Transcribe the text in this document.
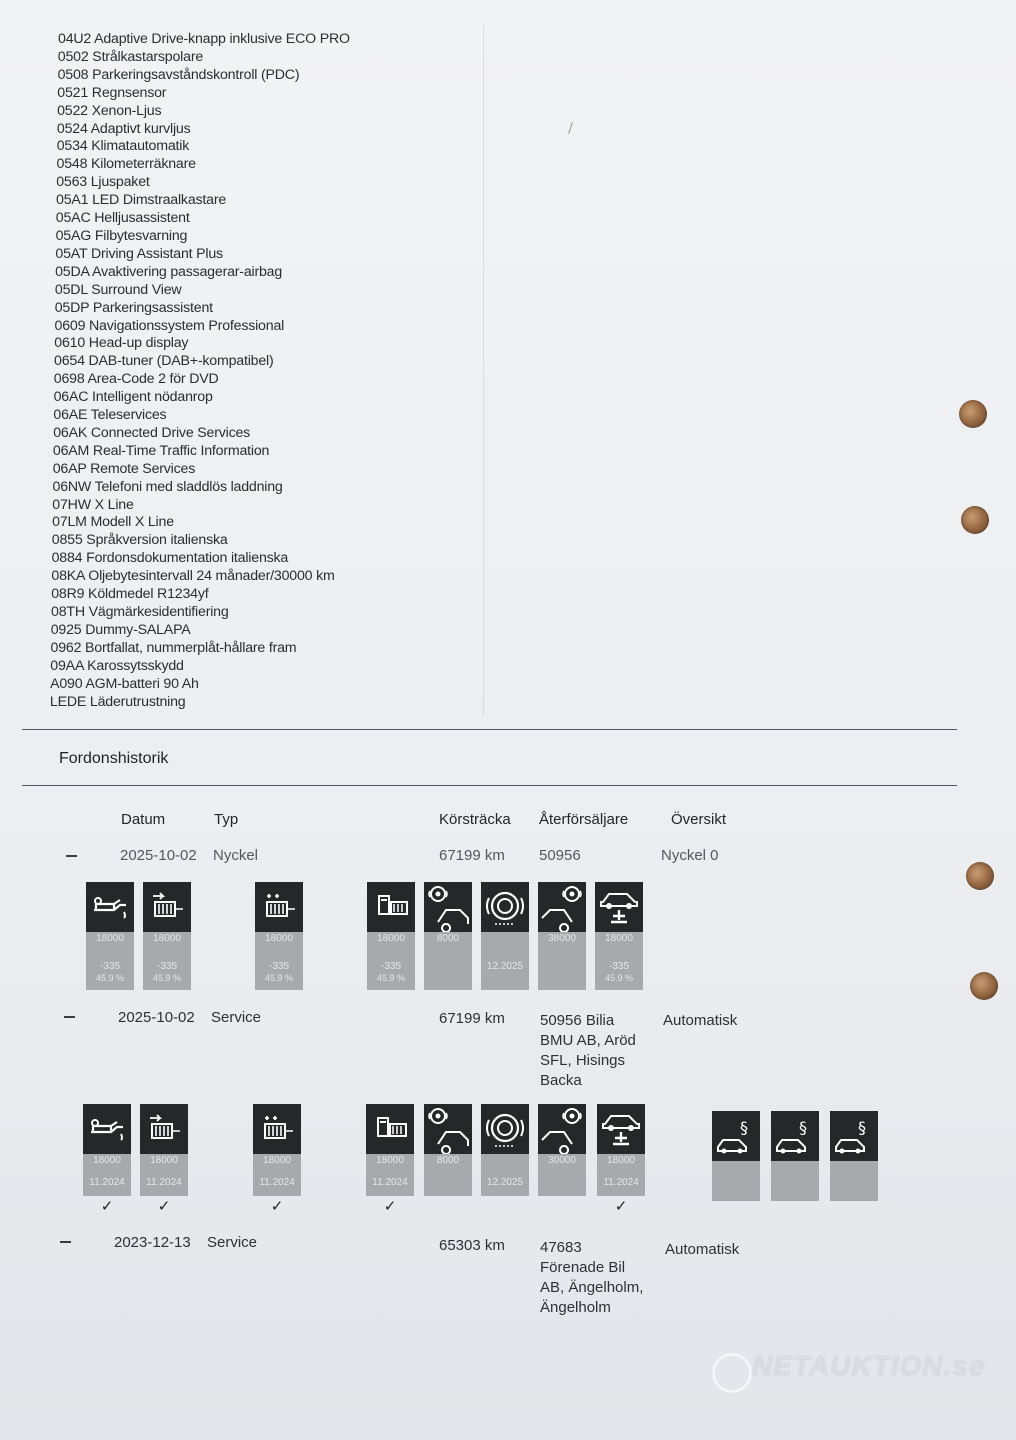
04U2 Adaptive Drive-knapp inklusive ECO PRO
0502 Strålkastarspolare
0508 Parkeringsavståndskontroll (PDC)
0521 Regnsensor
0522 Xenon-Ljus
0524 Adaptivt kurvljus
0534 Klimatautomatik
0548 Kilometerräknare
0563 Ljuspaket
05A1 LED Dimstraalkastare
05AC Helljusassistent
05AG Filbytesvarning
05AT Driving Assistant Plus
05DA Avaktivering passagerar-airbag
05DL Surround View
05DP Parkeringsassistent
0609 Navigationssystem Professional
0610 Head-up display
0654 DAB-tuner (DAB+-kompatibel)
0698 Area-Code 2 för DVD
06AC Intelligent nödanrop
06AE Teleservices
06AK Connected Drive Services
06AM Real-Time Traffic Information
06AP Remote Services
06NW Telefoni med sladdlös laddning
07HW X Line
07LM Modell X Line
0855 Språkversion italienska
0884 Fordonsdokumentation italienska
08KA Oljebytesintervall 24 månader/30000 km
08R9 Köldmedel R1234yf
08TH Vägmärkesidentifiering
0925 Dummy-SALAPA
0962 Bortfallat, nummerplåt-hållare fram
09AA Karossytsskydd
A090 AGM-batteri 90 Ah
LEDE Läderutrustning
Fordonshistorik
Datum	Typ	Körsträcka Återförsäljare	Översikt
2025-10-02 Nyckel	67199 km 50956	Nyckel 0
18000
-335
45.9 %
18000
-335
45.9 %
18000
-335
45.9 %
18000
-335
45.9 %
8000
12.2025
38000	18000
-335
45.9 %
2025-10-02 Service	67199 km 50956 Bilia
BMU AB, Aröd
SFL, Hisings
Backa
Automatisk
18000
11.2024
✓
18000
11.2024
✓
18000
11.2024
✓
18000
11.2024
✓
8000
12.2025
30000	18000
11.2024
✓
§	§	§
2023-12-13 Service	65303 km 47683
Förenade Bil
AB, Ängelholm,
Ängelholm
Automatisk
NETAUKTION.se
